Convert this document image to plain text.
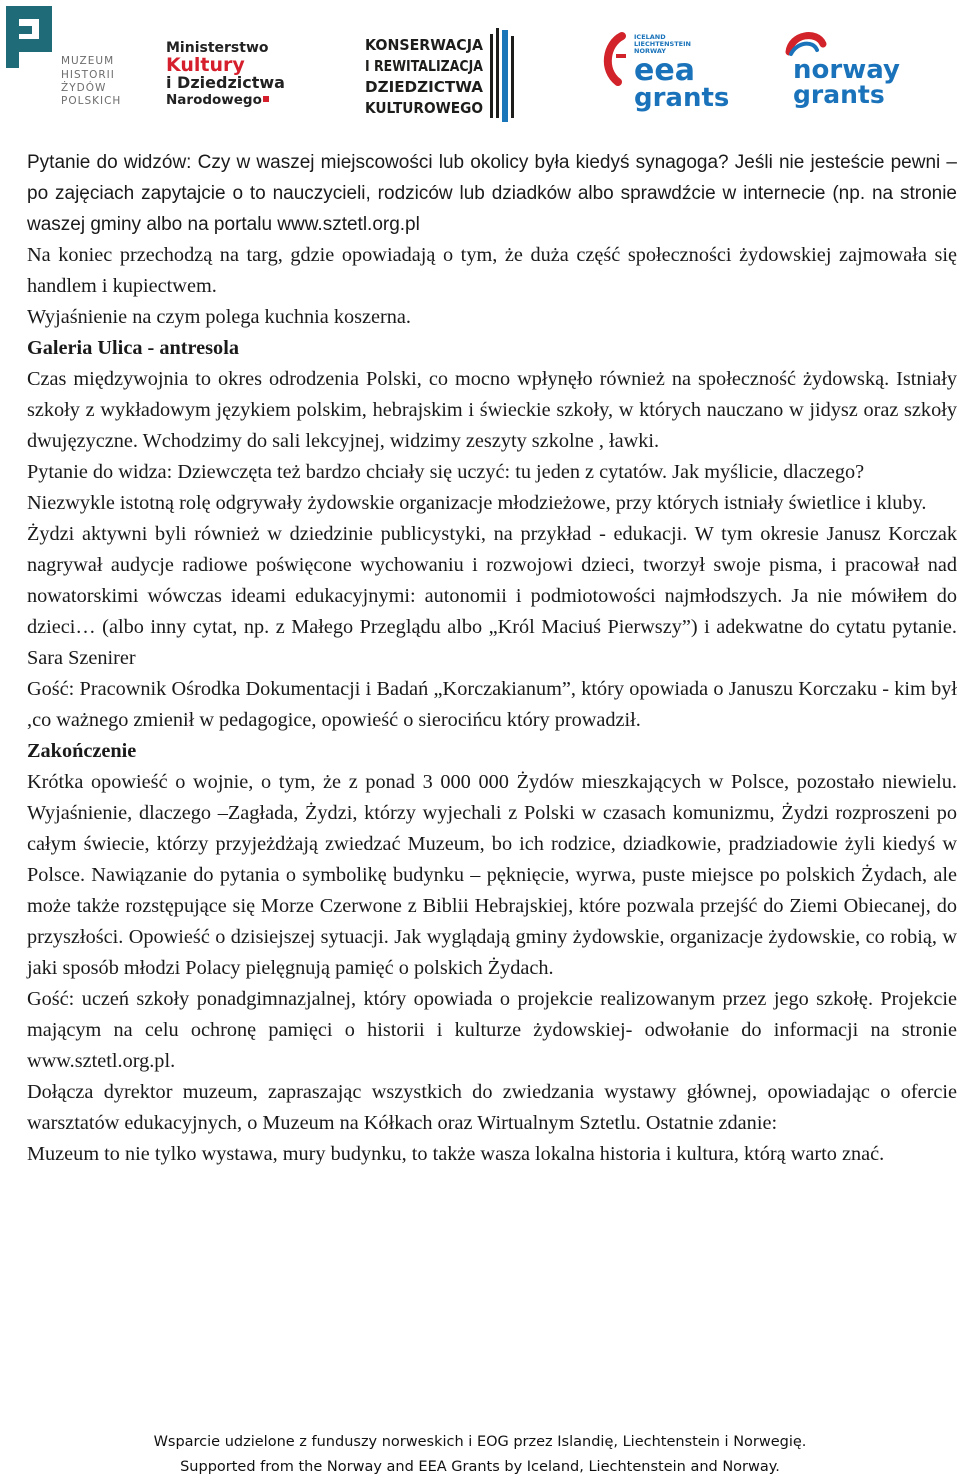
MUZEUM
HISTORII
ŻYDÓW
POLSKICH
Ministerstwo
Kultury
i Dziedzictwa
Narodowego
KONSERWACJA
I REWITALIZACJA
DZIEDZICTWA
KULTUROWEGO
ICELAND
LIECHTENSTEIN
NORWAY
eea
grants
norway
grants

Pytanie do widzów: Czy w waszej miejscowości lub okolicy była kiedyś synagoga? Jeśli nie jesteście pewni – po zajęciach zapytajcie o to nauczycieli, rodziców lub dziadków albo sprawdźcie w internecie (np. na stronie waszej gminy albo na portalu www.sztetl.org.pl

Na koniec przechodzą na targ, gdzie opowiadają o tym, że duża część społeczności żydowskiej zajmowała się handlem i kupiectwem.

Wyjaśnienie na czym polega kuchnia koszerna.

Galeria Ulica - antresola

Czas międzywojnia to okres odrodzenia Polski, co mocno wpłynęło również na społeczność żydowską. Istniały szkoły z wykładowym językiem polskim, hebrajskim i świeckie szkoły, w których nauczano w jidysz oraz szkoły dwujęzyczne. Wchodzimy do sali lekcyjnej, widzimy zeszyty szkolne , ławki.

Pytanie do widza: Dziewczęta też bardzo chciały się uczyć: tu jeden z cytatów. Jak myślicie, dlaczego?

Niezwykle istotną rolę odgrywały żydowskie organizacje młodzieżowe, przy których istniały świetlice i kluby.

Żydzi aktywni byli również w dziedzinie publicystyki, na przykład - edukacji. W tym okresie Janusz Korczak nagrywał audycje radiowe poświęcone wychowaniu i rozwojowi dzieci, tworzył swoje pisma, i pracował nad nowatorskimi wówczas ideami edukacyjnymi: autonomii i podmiotowości najmłodszych. Ja nie mówiłem do dzieci… (albo inny cytat, np. z Małego Przeglądu albo „Król Maciuś Pierwszy”) i adekwatne do cytatu pytanie. Sara Szenirer

Gość: Pracownik Ośrodka Dokumentacji i Badań „Korczakianum”, który opowiada o Januszu Korczaku - kim był ,co ważnego zmienił w pedagogice, opowieść o sierocińcu który prowadził.

Zakończenie

Krótka opowieść o wojnie, o tym, że z ponad 3 000 000 Żydów mieszkających w Polsce, pozostało niewielu. Wyjaśnienie, dlaczego –Zagłada, Żydzi, którzy wyjechali z Polski w czasach komunizmu, Żydzi rozproszeni po całym świecie, którzy przyjeżdżają zwiedzać Muzeum, bo ich rodzice, dziadkowie, pradziadowie żyli kiedyś w Polsce. Nawiązanie do pytania o symbolikę budynku – pęknięcie, wyrwa, puste miejsce po polskich Żydach, ale może także rozstępujące się Morze Czerwone z Biblii Hebrajskiej, które pozwala przejść do Ziemi Obiecanej, do przyszłości. Opowieść o dzisiejszej sytuacji. Jak wyglądają gminy żydowskie, organizacje żydowskie, co robią, w jaki sposób młodzi Polacy pielęgnują pamięć o polskich Żydach.

Gość: uczeń szkoły ponadgimnazjalnej, który opowiada o projekcie realizowanym przez jego szkołę. Projekcie mającym na celu ochronę pamięci o historii i kulturze żydowskiej- odwołanie do informacji na stronie www.sztetl.org.pl.

Dołącza dyrektor muzeum, zapraszając wszystkich do zwiedzania wystawy głównej, opowiadając o ofercie warsztatów edukacyjnych, o Muzeum na Kółkach oraz Wirtualnym Sztetlu. Ostatnie zdanie:

Muzeum to nie tylko wystawa, mury budynku, to także wasza lokalna historia i kultura, którą warto znać.

Wsparcie udzielone z funduszy norweskich i EOG przez Islandię, Liechtenstein i Norwegię.
Supported from the Norway and EEA Grants by Iceland, Liechtenstein and Norway.
